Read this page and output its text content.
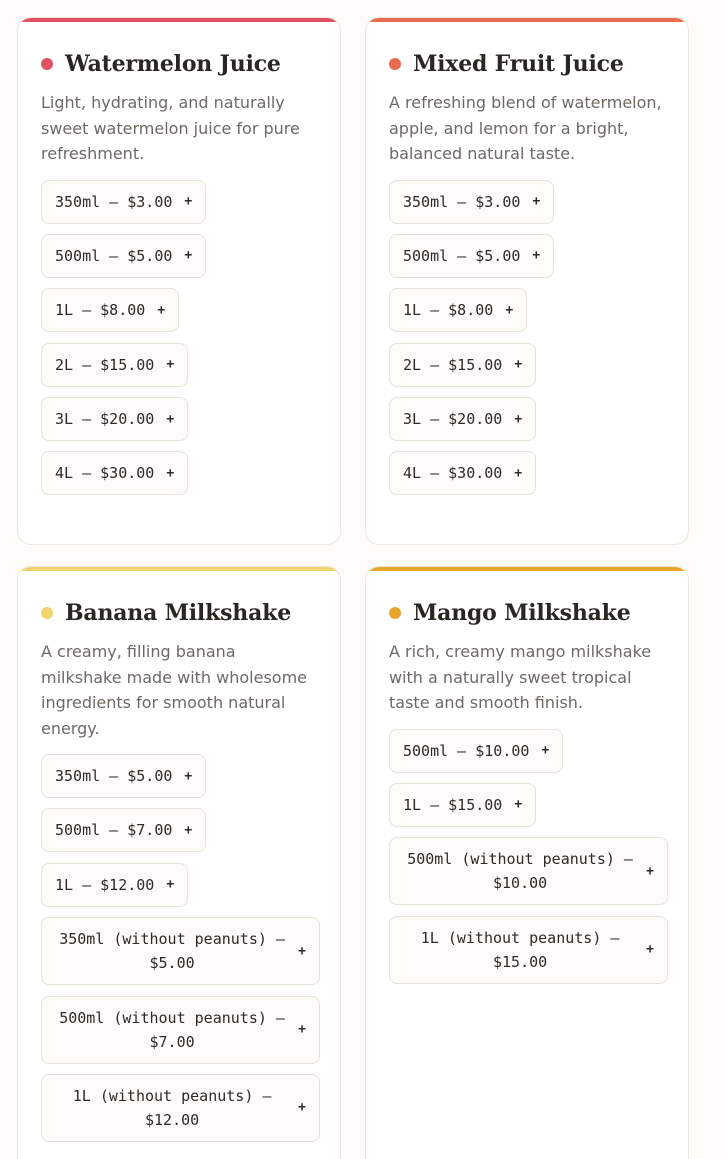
Watermelon Juice
Light, hydrating, and naturally sweet watermelon juice for pure refreshment.
350ml — $3.00 +
500ml — $5.00 +
1L — $8.00 +
2L — $15.00 +
3L — $20.00 +
4L — $30.00 +
Mixed Fruit Juice
A refreshing blend of watermelon, apple, and lemon for a bright, balanced natural taste.
350ml — $3.00 +
500ml — $5.00 +
1L — $8.00 +
2L — $15.00 +
3L — $20.00 +
4L — $30.00 +
Banana Milkshake
A creamy, filling banana milkshake made with wholesome ingredients for smooth natural energy.
350ml — $5.00 +
500ml — $7.00 +
1L — $12.00 +
350ml (without peanuts) — $5.00
+
500ml (without peanuts) — $7.00
+
1L (without peanuts) — $12.00
+
Mango Milkshake
A rich, creamy mango milkshake with a naturally sweet tropical taste and smooth finish.
500ml — $10.00 +
1L — $15.00 +
500ml (without peanuts) — $10.00
+
1L (without peanuts) — $15.00
+
